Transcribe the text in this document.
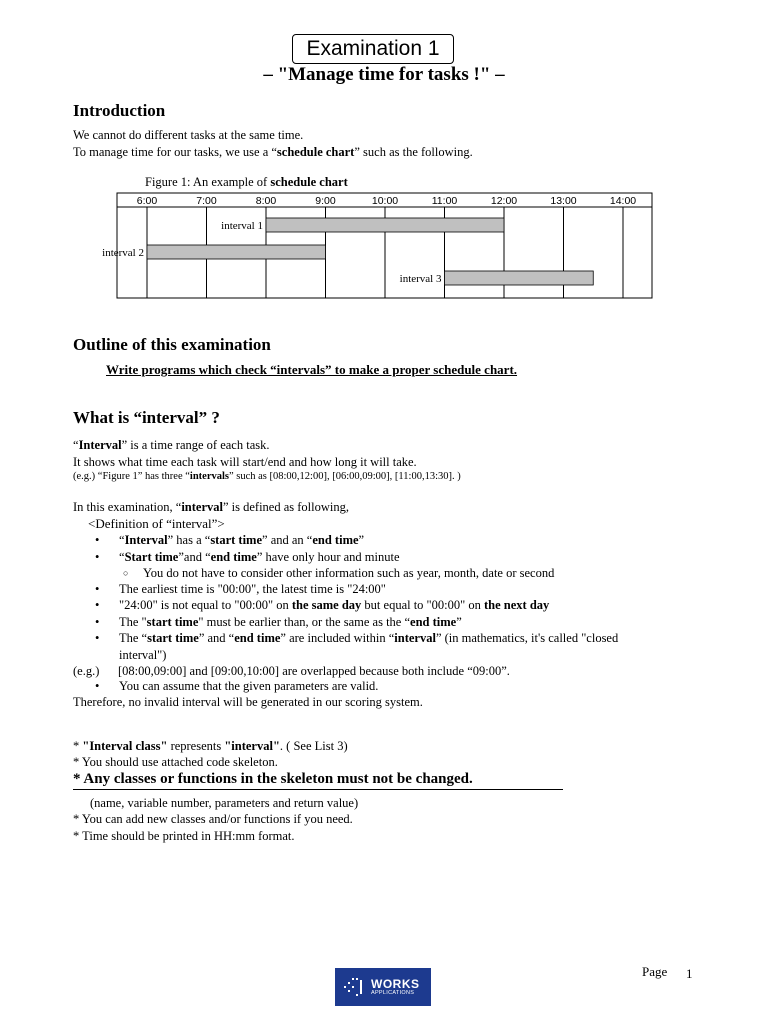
Examination 1
– "Manage time for tasks !" –
Introduction
We cannot do different tasks at the same time.
To manage time for our tasks, we use a “schedule chart” such as the following.
Figure 1: An example of schedule chart
6:00	7:00	8:00	9:00	10:00	11:00	12:00	13:00	14:00
interval 1
interval 2
interval 3
Outline of this examination
Write programs which check “intervals” to make a proper schedule chart.
What is “interval” ?
“Interval” is a time range of each task.
It shows what time each task will start/end and how long it will take.
(e.g.) “Figure 1” has three “intervals” such as [08:00,12:00], [06:00,09:00], [11:00,13:30]. )
In this examination, “interval” is defined as following,
<Definition of “interval”>
• “Interval” has a “start time” and an “end time”
• “Start time”and “end time” have only hour and minute
○ You do not have to consider other information such as year, month, date or second
• The earliest time is "00:00", the latest time is "24:00"
• "24:00" is not equal to "00:00" on the same day but equal to "00:00" on the next day
• The "start time" must be earlier than, or the same as the “end time”
• The “start time” and “end time” are included within “interval” (in mathematics, it's called "closed
interval")
(e.g.) [08:00,09:00] and [09:00,10:00] are overlapped because both include “09:00”.
• You can assume that the given parameters are valid.
Therefore, no invalid interval will be generated in our scoring system.
* "Interval class" represents "interval". ( See List 3)
* You should use attached code skeleton.
* Any classes or functions in the skeleton must not be changed.
(name, variable number, parameters and return value)
* You can add new classes and/or functions if you need.
* Time should be printed in HH:mm format.
Page 1
WORKS
APPLICATIONS
